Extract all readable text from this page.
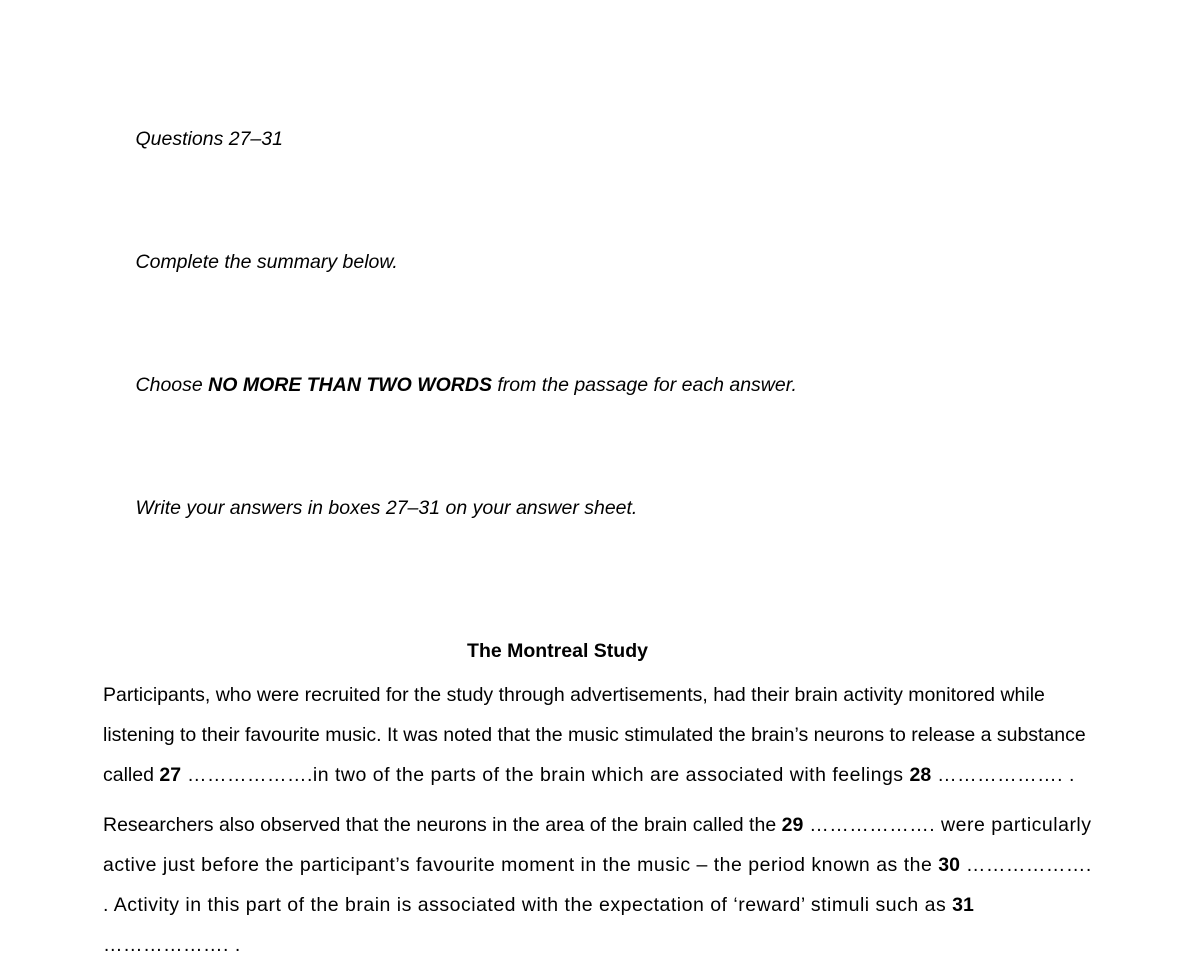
Questions 27–31

Complete the summary below.

Choose NO MORE THAN TWO WORDS from the passage for each answer.

Write your answers in boxes 27–31 on your answer sheet.

The Montreal Study

Participants, who were recruited for the study through advertisements, had their brain activity monitored while listening to their favourite music. It was noted that the music stimulated the brain’s neurons to release a substance called 27 ……………….in two of the parts of the brain which are associated with feelings 28 ………………. .

Researchers also observed that the neurons in the area of the brain called the 29 ………………. were particularly active just before the participant’s favourite moment in the music – the period known as the 30 ………………. . Activity in this part of the brain is associated with the expectation of ‘reward’ stimuli such as 31 ………………. .
